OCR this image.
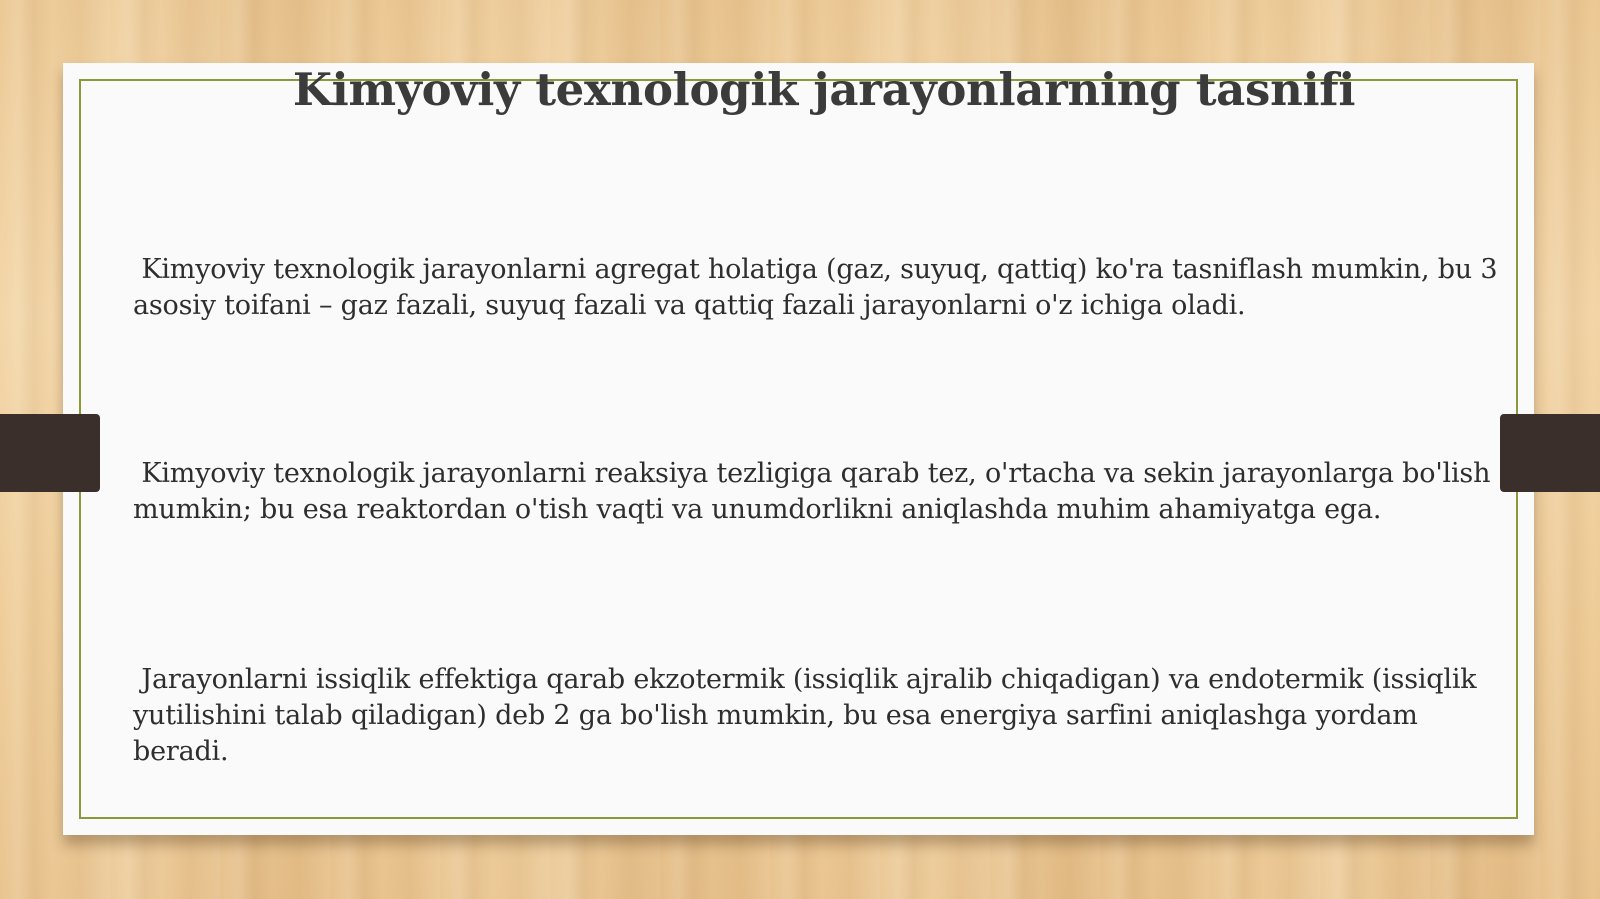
Kimyoviy texnologik jarayonlarning tasnifi

Kimyoviy texnologik jarayonlarni agregat holatiga (gaz, suyuq, qattiq) ko'ra tasniflash mumkin, bu 3 asosiy toifani – gaz fazali, suyuq fazali va qattiq fazali jarayonlarni o'z ichiga oladi.

Kimyoviy texnologik jarayonlarni reaksiya tezligiga qarab tez, o'rtacha va sekin jarayonlarga bo'lish mumkin; bu esa reaktordan o'tish vaqti va unumdorlikni aniqlashda muhim ahamiyatga ega.

Jarayonlarni issiqlik effektiga qarab ekzotermik (issiqlik ajralib chiqadigan) va endotermik (issiqlik yutilishini talab qiladigan) deb 2 ga bo'lish mumkin, bu esa energiya sarfini aniqlashga yordam beradi.
